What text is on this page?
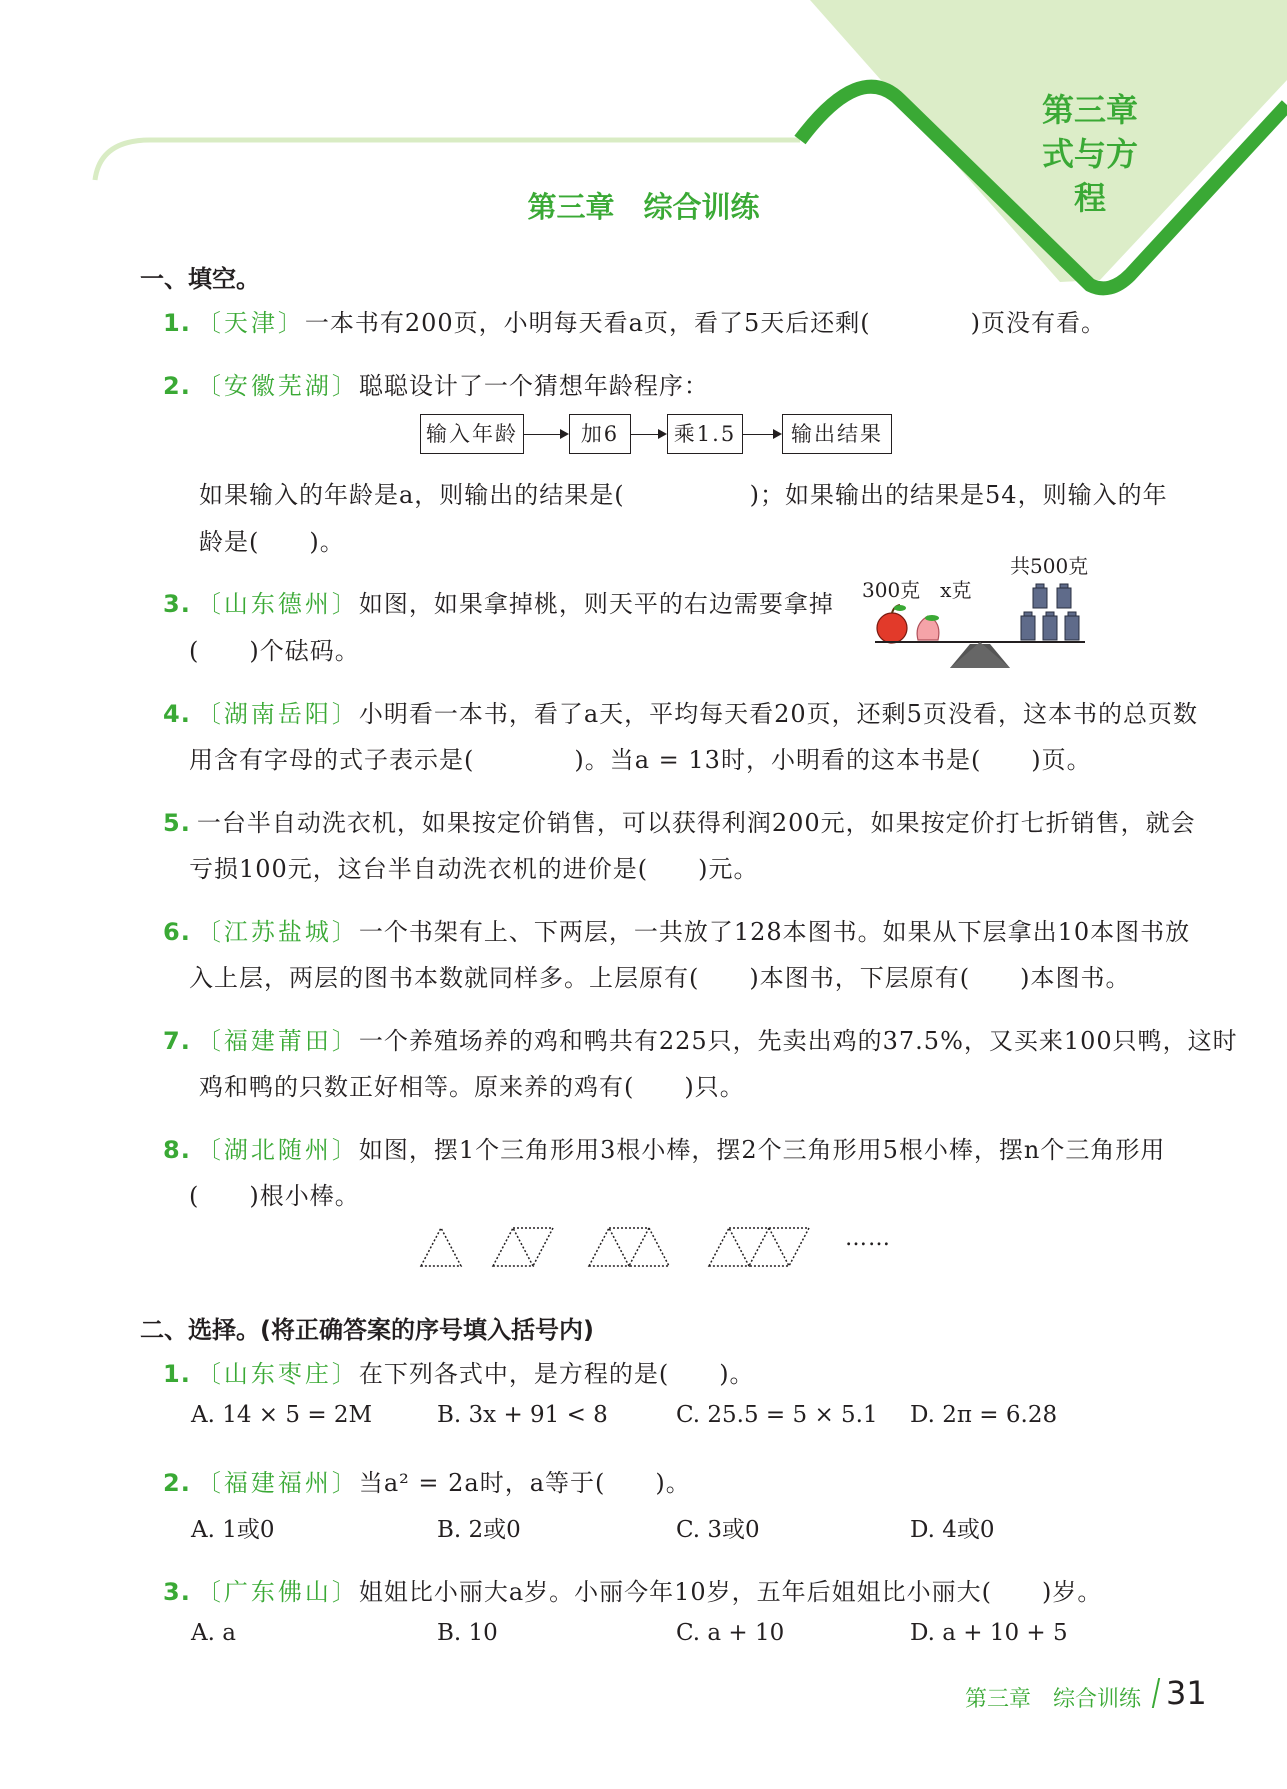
第三章
式与方程
第三章　综合训练
一、填空。
1. 〔天津〕一本书有200页，小明每天看a页，看了5天后还剩(　　　　)页没有看。
2. 〔安徽芜湖〕聪聪设计了一个猜想年龄程序：
输入年龄	加6	乘1.5	输出结果
如果输入的年龄是a，则输出的结果是(　　　　　)；如果输出的结果是54，则输入的年
龄是(　　)。
3. 〔山东德州〕如图，如果拿掉桃，则天平的右边需要拿掉
(　　)个砝码。
300克　x克
共500克
4. 〔湖南岳阳〕小明看一本书，看了a天，平均每天看20页，还剩5页没看，这本书的总页数
用含有字母的式子表示是(　　　　)。当a = 13时，小明看的这本书是(　　)页。
5. 一台半自动洗衣机，如果按定价销售，可以获得利润200元，如果按定价打七折销售，就会
亏损100元，这台半自动洗衣机的进价是(　　)元。
6. 〔江苏盐城〕一个书架有上、下两层，一共放了128本图书。如果从下层拿出10本图书放
入上层，两层的图书本数就同样多。上层原有(　　)本图书，下层原有(　　)本图书。
7. 〔福建莆田〕一个养殖场养的鸡和鸭共有225只，先卖出鸡的37.5%，又买来100只鸭，这时
鸡和鸭的只数正好相等。原来养的鸡有(　　)只。
8. 〔湖北随州〕如图，摆1个三角形用3根小棒，摆2个三角形用5根小棒，摆n个三角形用
(　　)根小棒。
……
二、选择。(将正确答案的序号填入括号内)
1. 〔山东枣庄〕在下列各式中，是方程的是(　　)。
A. 14 × 5 = 2M	B. 3x + 91 < 8	C. 25.5 = 5 × 5.1 D. 2π = 6.28
2. 〔福建福州〕当a² = 2a时，a等于(　　)。
A. 1或0	B. 2或0	C. 3或0	D. 4或0
3. 〔广东佛山〕姐姐比小丽大a岁。小丽今年10岁，五年后姐姐比小丽大(　　)岁。
A. a	B. 10	C. a + 10	D. a + 10 + 5
第三章　综合训练 31
